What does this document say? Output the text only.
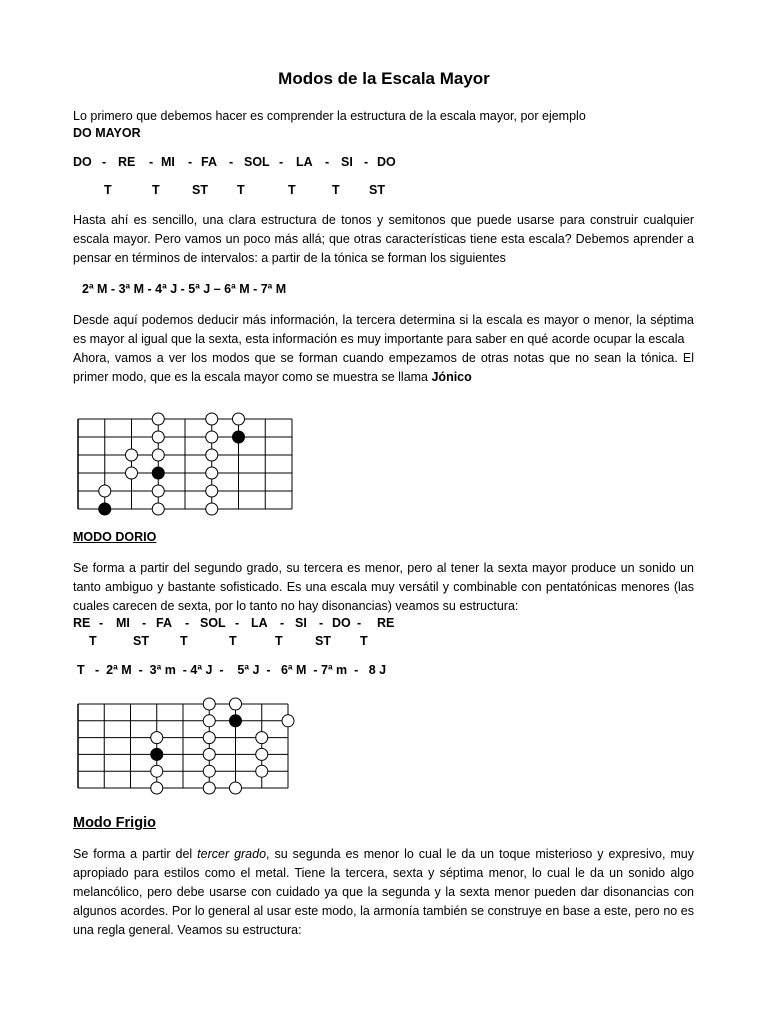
Modos de la Escala Mayor
Lo primero que debemos hacer es comprender la estructura de la escala mayor, por ejemplo
DO MAYOR
DO - RE - MI - FA - SOL - LA - SI - DO
T	T	ST T	T	T ST

Hasta ahí es sencillo, una clara estructura de tonos y semitonos que puede usarse para construir cualquier escala mayor. Pero vamos un poco más allá; que otras características tiene esta escala? Debemos aprender a pensar en términos de intervalos: a partir de la tónica se forman los siguientes

2ª M - 3ª M - 4ª J - 5ª J – 6ª M - 7ª M

Desde aquí podemos deducir más información, la tercera determina si la escala es mayor o menor, la séptima es mayor al igual que la sexta, esta información es muy importante para saber en qué acorde ocupar la escala

Ahora, vamos a ver los modos que se forman cuando empezamos de otras notas que no sean la tónica. El primer modo, que es la escala mayor como se muestra se llama Jónico

MODO DORIO

Se forma a partir del segundo grado, su tercera es menor, pero al tener la sexta mayor produce un sonido un tanto ambiguo y bastante sofisticado. Es una escala muy versátil y combinable con pentatónicas menores (las cuales carecen de sexta, por lo tanto no hay disonancias) veamos su estructura:

RE - MI - FA - SOL - LA - SI - DO - RE
T	ST T	T	T	ST T
T   -  2ª M  -  3ª m  - 4ª J  -    5ª J  -   6ª M  - 7ª m  -   8 J
Modo Frigio

Se forma a partir del tercer grado, su segunda es menor lo cual le da un toque misterioso y expresivo, muy apropiado para estilos como el metal. Tiene la tercera, sexta y séptima menor, lo cual le da un sonido algo melancólico, pero debe usarse con cuidado ya que la segunda y la sexta menor pueden dar disonancias con algunos acordes. Por lo general al usar este modo, la armonía también se construye en base a este, pero no es una regla general. Veamos su estructura:
